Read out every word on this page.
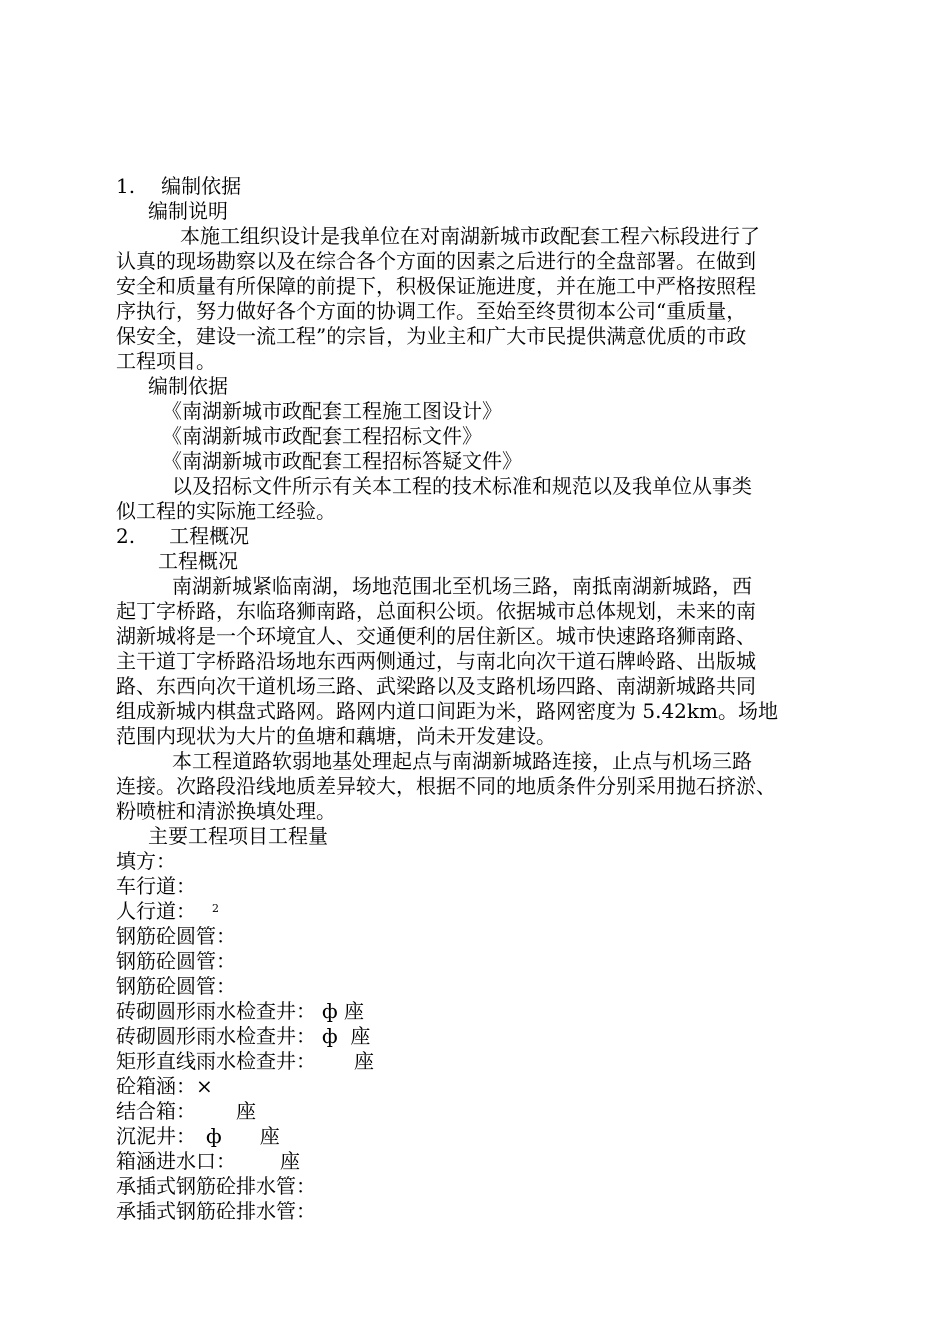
1. 编制依据
编制说明
本施工组织设计是我单位在对南湖新城市政配套工程六标段进行了
认真的现场勘察以及在综合各个方面的因素之后进行的全盘部署。在做到
安全和质量有所保障的前提下，积极保证施进度，并在施工中严格按照程
序执行，努力做好各个方面的协调工作。至始至终贯彻本公司“重质量，
保安全，建设一流工程”的宗旨，为业主和广大市民提供满意优质的市政
工程项目。
编制依据
《南湖新城市政配套工程施工图设计》
《南湖新城市政配套工程招标文件》
《南湖新城市政配套工程招标答疑文件》
以及招标文件所示有关本工程的技术标准和规范以及我单位从事类
似工程的实际施工经验。
2. 工程概况
工程概况
南湖新城紧临南湖，场地范围北至机场三路，南抵南湖新城路，西
起丁字桥路，东临珞狮南路，总面积公顷。依据城市总体规划，未来的南
湖新城将是一个环境宜人、交通便利的居住新区。城市快速路珞狮南路、
主干道丁字桥路沿场地东西两侧通过，与南北向次干道石牌岭路、出版城
路、东西向次干道机场三路、武梁路以及支路机场四路、南湖新城路共同
组成新城内棋盘式路网。路网内道口间距为米，路网密度为 5.42km。场地
范围内现状为大片的鱼塘和藕塘，尚未开发建设。
本工程道路软弱地基处理起点与南湖新城路连接，止点与机场三路
连接。次路段沿线地质差异较大，根据不同的地质条件分别采用抛石挤淤、
粉喷桩和清淤换填处理。
主要工程项目工程量
填方：
车行道：
人行道： $^2$
钢筋砼圆管：
钢筋砼圆管：
钢筋砼圆管：
砖砌圆形雨水检查井： ф 座
砖砌圆形雨水检查井： ф  座
矩形直线雨水检查井： 座
砼箱涵：×
结合箱： 座
沉泥井： ф      座
箱涵进水口： 座
承插式钢筋砼排水管：
承插式钢筋砼排水管：
